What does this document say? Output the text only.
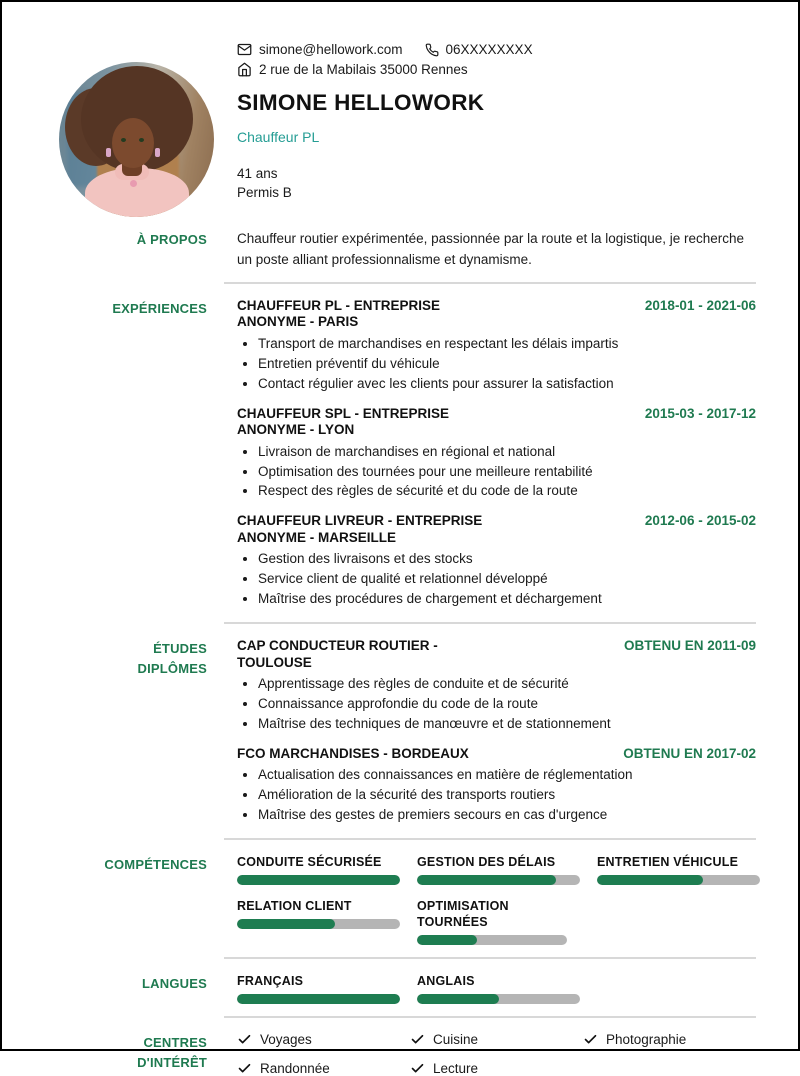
simone@hellowork.com	06XXXXXXXX
2 rue de la Mabilais 35000 Rennes
SIMONE HELLOWORK
Chauffeur PL
41 ans
Permis B
À PROPOS Chauffeur routier expérimentée, passionnée par la route et la logistique, je recherche un poste alliant professionnalisme et dynamisme.

EXPÉRIENCES CHAUFFEUR PL - ENTREPRISE ANONYME - PARIS
2018-01 - 2021-06
• Transport de marchandises en respectant les délais impartis
• Entretien préventif du véhicule
• Contact régulier avec les clients pour assurer la satisfaction
CHAUFFEUR SPL - ENTREPRISE ANONYME - LYON
2015-03 - 2017-12
• Livraison de marchandises en régional et national
• Optimisation des tournées pour une meilleure rentabilité
• Respect des règles de sécurité et du code de la route
CHAUFFEUR LIVREUR - ENTREPRISE ANONYME - MARSEILLE
2012-06 - 2015-02
• Gestion des livraisons et des stocks
• Service client de qualité et relationnel développé
• Maîtrise des procédures de chargement et déchargement
ÉTUDES DIPLÔMES
CAP CONDUCTEUR ROUTIER - TOULOUSE
OBTENU EN 2011-09
• Apprentissage des règles de conduite et de sécurité
• Connaissance approfondie du code de la route
• Maîtrise des techniques de manœuvre et de stationnement
FCO MARCHANDISES - BORDEAUX	OBTENU EN 2017-02
• Actualisation des connaissances en matière de réglementation
• Amélioration de la sécurité des transports routiers
• Maîtrise des gestes de premiers secours en cas d'urgence
COMPÉTENCES CONDUITE SÉCURISÉE	GESTION DES DÉLAIS	ENTRETIEN VÉHICULE
RELATION CLIENT	OPTIMISATION TOURNÉES
LANGUES FRANÇAIS	ANGLAIS
CENTRES D'INTÉRÊT
Voyages	Cuisine	Photographie
Randonnée	Lecture
